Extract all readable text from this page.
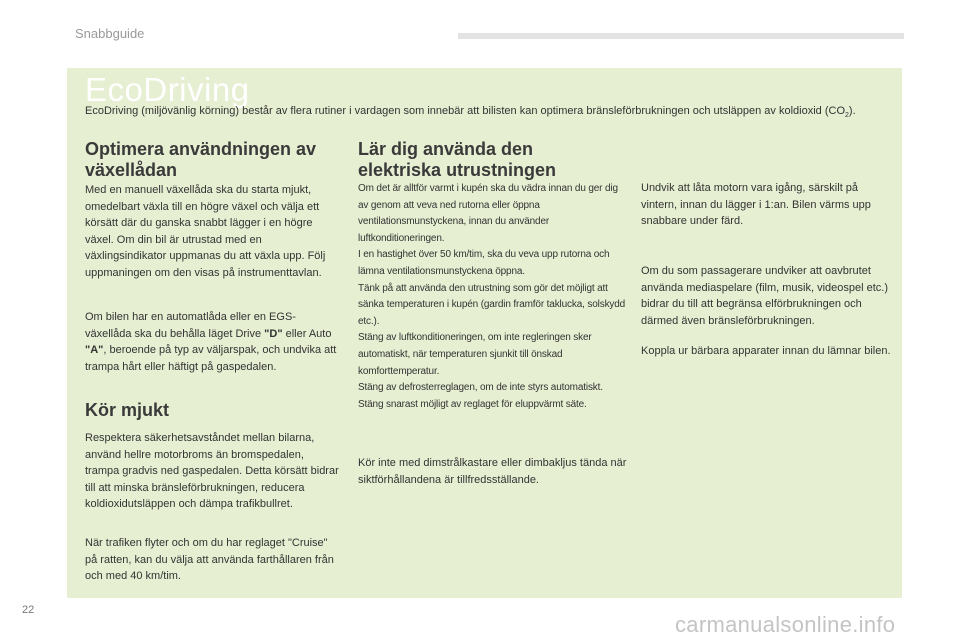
Snabbguide
EcoDriving
EcoDriving (miljövänlig körning) består av flera rutiner i vardagen som innebär att bilisten kan optimera bränsleförbrukningen och utsläppen av koldioxid $(CO_2)$.
Optimera användningen av
växellådan
Med en manuell växellåda ska du starta mjukt, omedelbart växla till en högre växel och välja ett körsätt där du ganska snabbt lägger i en högre växel. Om din bil är utrustad med en växlingsindikator uppmanas du att växla upp. Följ uppmaningen om den visas på instrumenttavlan.
Om bilen har en automatlåda eller en EGS-växellåda ska du behålla läget Drive "D" eller Auto "A", beroende på typ av väljarspak, och undvika att trampa hårt eller häftigt på gaspedalen.
Kör mjukt
Respektera säkerhetsavståndet mellan bilarna, använd hellre motorbroms än bromspedalen, trampa gradvis ned gaspedalen. Detta körsätt bidrar till att minska bränsleförbrukningen, reducera koldioxidutsläppen och dämpa trafikbullret.
När trafiken flyter och om du har reglaget "Cruise" på ratten, kan du välja att använda farthållaren från och med 40 km/tim.
Lär dig använda den
elektriska utrustningen
Om det är alltför varmt i kupén ska du vädra innan du ger dig av genom att veva ned rutorna eller öppna ventilationsmunstyckena, innan du använder luftkonditioneringen.
I en hastighet över 50 km/tim, ska du veva upp rutorna och lämna ventilationsmunstyckena öppna.
Tänk på att använda den utrustning som gör det möjligt att sänka temperaturen i kupén (gardin framför taklucka, solskydd etc.).
Stäng av luftkonditioneringen, om inte regleringen sker automatiskt, när temperaturen sjunkit till önskad komforttemperatur.
Stäng av defrosterreglagen, om de inte styrs automatiskt.
Stäng snarast möjligt av reglaget för eluppvärmt säte.
Kör inte med dimstrålkastare eller dimbakljus tända när siktförhållandena är tillfredsställande.
Undvik att låta motorn vara igång, särskilt på vintern, innan du lägger i 1:an. Bilen värms upp snabbare under färd.
Om du som passagerare undviker att oavbrutet använda mediaspelare (film, musik, videospel etc.) bidrar du till att begränsa elförbrukningen och därmed även bränsleförbrukningen.
Koppla ur bärbara apparater innan du lämnar bilen.
22
carmanualsonline.info
